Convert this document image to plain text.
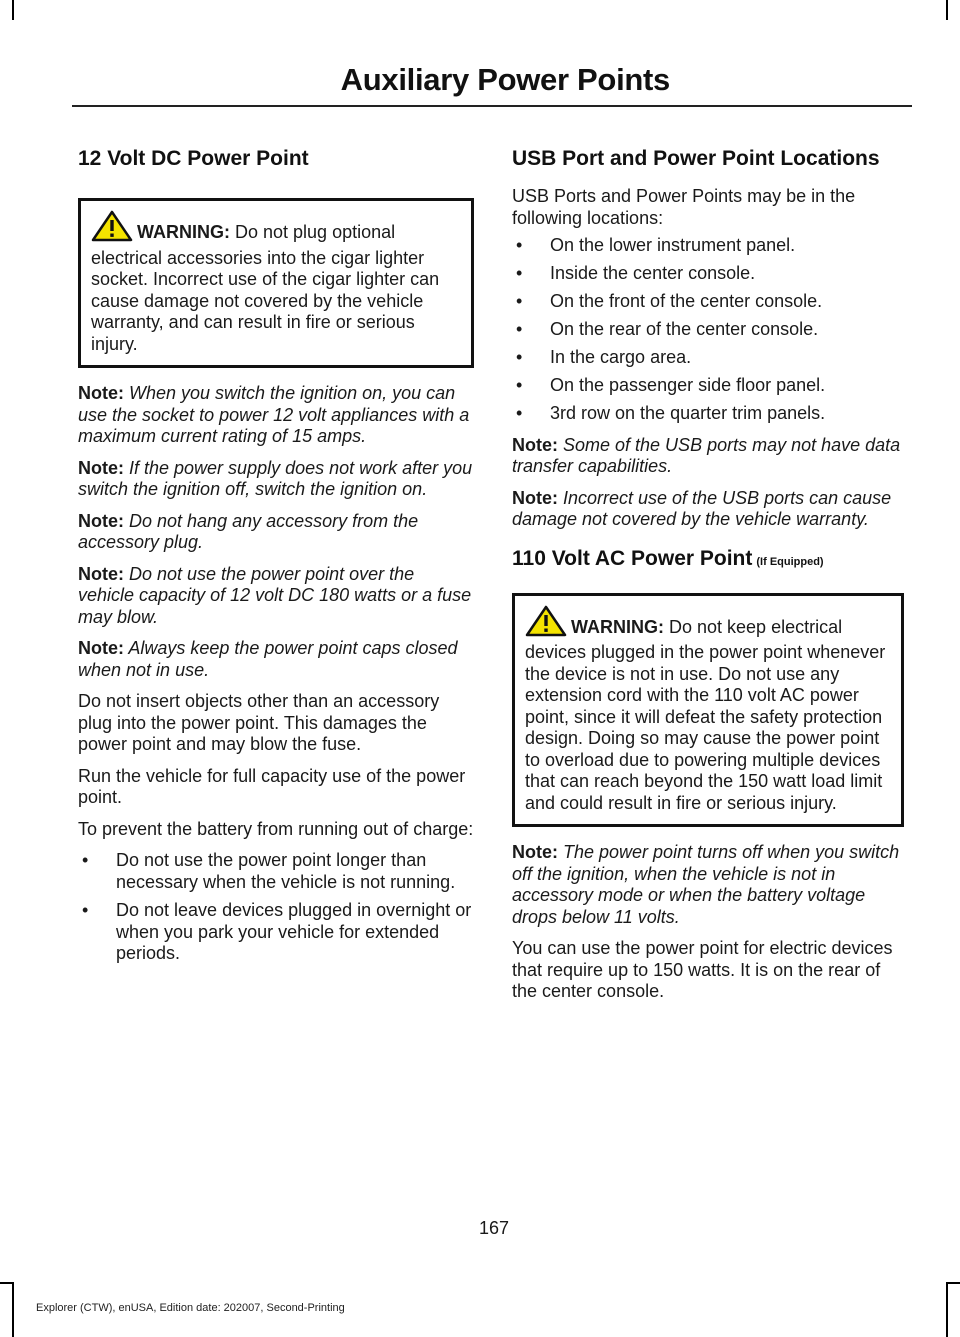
Auxiliary Power Points
12 Volt DC Power Point
WARNING: Do not plug optional electrical accessories into the cigar lighter socket. Incorrect use of the cigar lighter can cause damage not covered by the vehicle warranty, and can result in fire or serious injury.

Note: When you switch the ignition on, you can use the socket to power 12 volt appliances with a maximum current rating of 15 amps.

Note: If the power supply does not work after you switch the ignition off, switch the ignition on.

Note: Do not hang any accessory from the accessory plug.

Note: Do not use the power point over the vehicle capacity of 12 volt DC 180 watts or a fuse may blow.

Note: Always keep the power point caps closed when not in use.

Do not insert objects other than an accessory plug into the power point. This damages the power point and may blow the fuse.

Run the vehicle for full capacity use of the power point.

To prevent the battery from running out of charge:

• Do not use the power point longer than necessary when the vehicle is not running.
• Do not leave devices plugged in overnight or when you park your vehicle for extended periods.
USB Port and Power Point Locations

USB Ports and Power Points may be in the following locations:

• On the lower instrument panel.
• Inside the center console.
• On the front of the center console.
• On the rear of the center console.
• In the cargo area.
• On the passenger side floor panel.
• 3rd row on the quarter trim panels.

Note: Some of the USB ports may not have data transfer capabilities.

Note: Incorrect use of the USB ports can cause damage not covered by the vehicle warranty.

110 Volt AC Power Point (If Equipped)
WARNING: Do not keep electrical devices plugged in the power point whenever the device is not in use. Do not use any extension cord with the 110 volt AC power point, since it will defeat the safety protection design. Doing so may cause the power point to overload due to powering multiple devices that can reach beyond the 150 watt load limit and could result in fire or serious injury.

Note: The power point turns off when you switch off the ignition, when the vehicle is not in accessory mode or when the battery voltage drops below 11 volts.

You can use the power point for electric devices that require up to 150 watts. It is on the rear of the center console.

167
Explorer (CTW), enUSA, Edition date: 202007, Second-Printing
